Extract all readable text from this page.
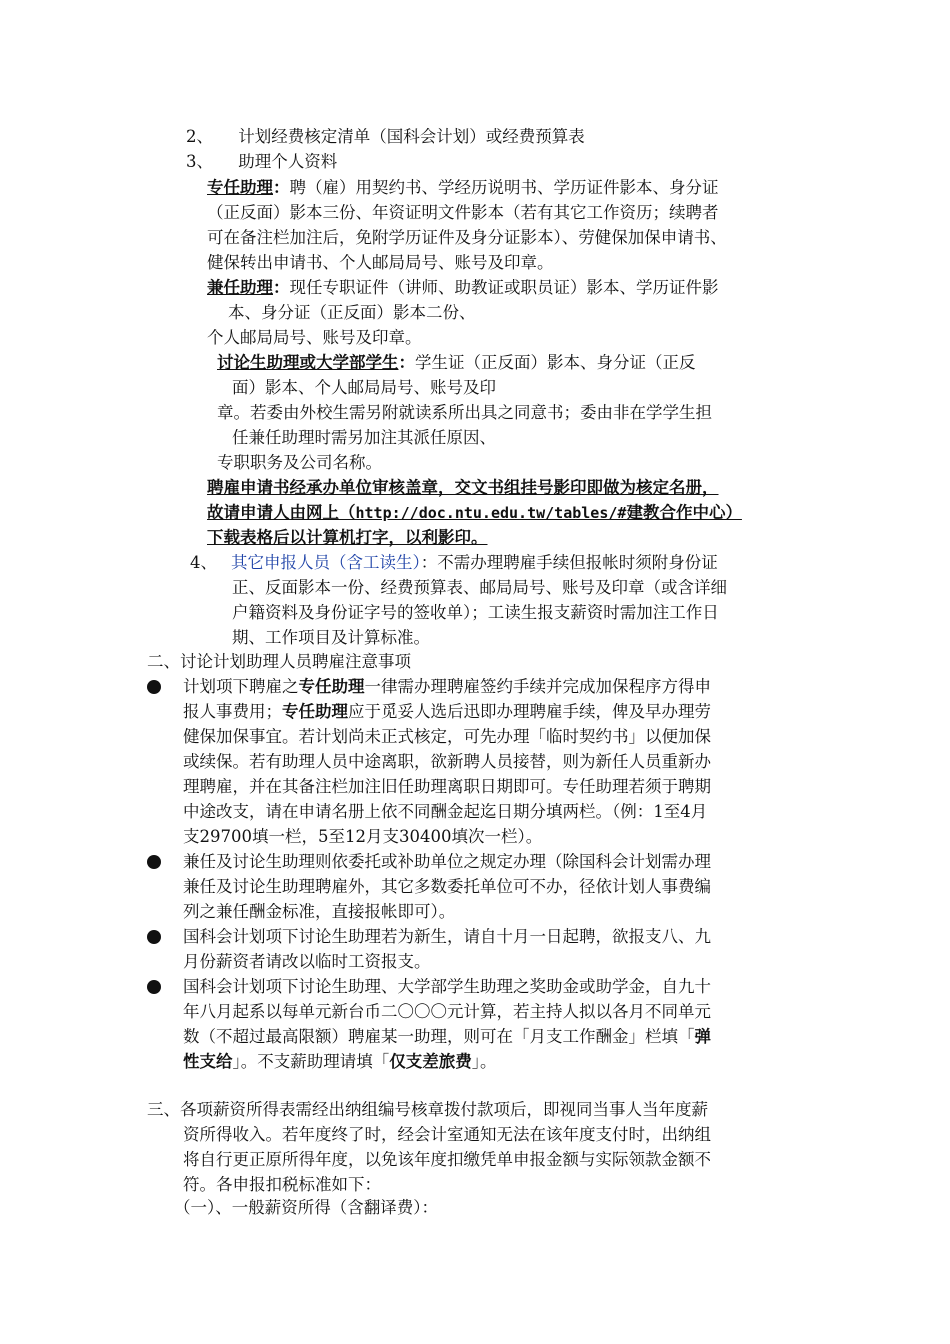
2、 计划经费核定清单（国科会计划）或经费预算表
3、 助理个人资料
专任助理：聘（雇）用契约书、学经历说明书、学历证件影本、身分证
（正反面）影本三份、年资证明文件影本（若有其它工作资历；续聘者
可在备注栏加注后，免附学历证件及身分证影本）、劳健保加保申请书、
健保转出申请书、个人邮局局号、账号及印章。
兼任助理：现任专职证件（讲师、助教证或职员证）影本、学历证件影
本、身分证（正反面）影本二份、
个人邮局局号、账号及印章。
讨论生助理或大学部学生：学生证（正反面）影本、身分证（正反
面）影本、个人邮局局号、账号及印
章。若委由外校生需另附就读系所出具之同意书；委由非在学学生担
任兼任助理时需另加注其派任原因、
专职职务及公司名称。
聘雇申请书经承办单位审核盖章，交文书组挂号影印即做为核定名册，
故请申请人由网上（http://doc.ntu.edu.tw/tables/#建教合作中心）
下载表格后以计算机打字，以利影印。
4、 其它申报人员（含工读生）：不需办理聘雇手续但报帐时须附身份证
正、反面影本一份、经费预算表、邮局局号、账号及印章（或含详细
户籍资料及身份证字号的签收单）；工读生报支薪资时需加注工作日
期、工作项目及计算标准。
二、讨论计划助理人员聘雇注意事项
计划项下聘雇之专任助理一律需办理聘雇签约手续并完成加保程序方得申
报人事费用；专任助理应于觅妥人选后迅即办理聘雇手续，俾及早办理劳
健保加保事宜。若计划尚未正式核定，可先办理「临时契约书」以便加保
或续保。若有助理人员中途离职，欲新聘人员接替，则为新任人员重新办
理聘雇，并在其备注栏加注旧任助理离职日期即可。专任助理若须于聘期
中途改支，请在申请名册上依不同酬金起迄日期分填两栏。（例：1至4月
支29700填一栏，5至12月支30400填次一栏）。
兼任及讨论生助理则依委托或补助单位之规定办理（除国科会计划需办理
兼任及讨论生助理聘雇外，其它多数委托单位可不办，径依计划人事费编
列之兼任酬金标准，直接报帐即可）。
国科会计划项下讨论生助理若为新生，请自十月一日起聘，欲报支八、九
月份薪资者请改以临时工资报支。
国科会计划项下讨论生助理、大学部学生助理之奖助金或助学金，自九十
年八月起系以每单元新台币二〇〇〇元计算，若主持人拟以各月不同单元
数（不超过最高限额）聘雇某一助理，则可在「月支工作酬金」栏填「弹
性支给」。不支薪助理请填「仅支差旅费」。
三、各项薪资所得表需经出纳组编号核章拨付款项后，即视同当事人当年度薪
资所得收入。若年度终了时，经会计室通知无法在该年度支付时，出纳组
将自行更正原所得年度，以免该年度扣缴凭单申报金额与实际领款金额不
符。各申报扣税标准如下：
（一）、一般薪资所得（含翻译费）：
